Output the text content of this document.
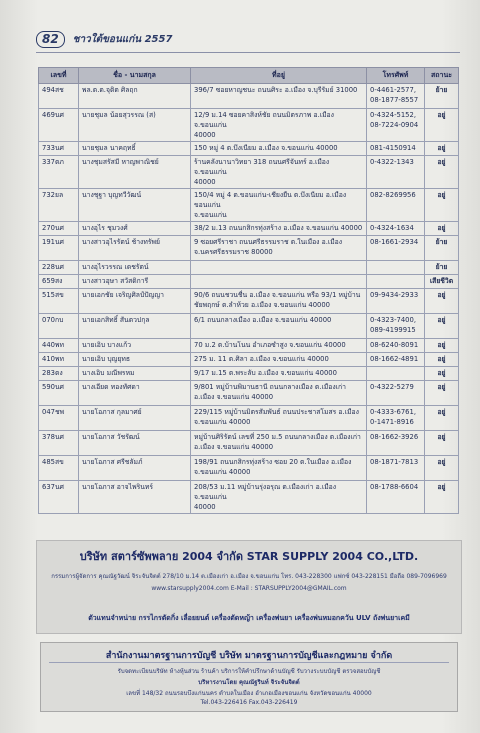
82	ชาวใต้ขอนแก่น 2557
เลขที่	ชื่อ - นามสกุล	ที่อยู่	โทรศัพท์	สถานะ
494สช	พล.ต.ต.จุติต ศิลฤก	396/7 ซอยหาญชนะ ถนนศิระ อ.เมือง จ.บุรีรัมย์ 31000	0-4461-2577,
08-1877-8557	ย้าย
469นศ	นายชุมล น้อยสุวรรณ (ส)	12/9 ม.14 ซอยคาสิงห์ชัย ถนนมิตรภาพ อ.เมือง จ.ขอนแก่น
40000	0-4324-5152,
08-7224-0904	อยู่
733นศ	นายชุมล นาคฤทธิ์	150 หมู่ 4 ต.บึงเนียม อ.เมือง จ.ขอนแก่น 40000	081-4150914	อยู่
337ตภ	นางชุมสรัสมี หาญพาณิชย์	ร้านคลังนานาวิทยา 318 ถนนศรีจันทร์ อ.เมือง จ.ขอนแก่น
40000	0-4322-1343	อยู่
732ยล	นางชุฐา บุญทวีวัฒน์	150/4 หมู่ 4 ต.ขอนแก่น-เชียงยืน ต.บึงเนียม อ.เมืองขอนแก่น
จ.ขอนแก่น	082-8269956	อยู่
270นศ	นางอุไร ชุมวงศ์	38/2 ม.13 ถนนกสิกรทุ่งสร้าง อ.เมือง จ.ขอนแก่น 40000	0-4324-1634	อยู่
191นศ	นางสาวอุไรรัตน์ ช้างทรัพย์	9 ซอยศรีราชา ถนนศรีธรรมราช ต.ในเมือง อ.เมือง
จ.นครศรีธรรมราช 80000	08-1661-2934	ย้าย
228นศ	นางอุไรวรรณ เดชรัตน์			ย้าย
659สง	นางสาวอุษา สวัสดิการี			เสียชีวิต
515สข	นายเอกชัย เจริญศิลป์ปัญญา	90/6 ถนนชวนชื่น อ.เมือง จ.ขอนแก่น หรือ 93/1 หมู่บ้าน
ชัยพฤกษ์ ต.ลำห้วย อ.เมือง จ.ขอนแก่น 40000	09-9434-2933	อยู่
070กบ	นายเอกสิทธิ์ สันตวปกุล	6/1 ถนนกลางเมือง อ.เมือง จ.ขอนแก่น 40000	0-4323-7400,
089-4199915	อยู่
440พท	นายเอิบ บางแก้ว	70 ม.2 ต.บ้านโนน อำเภอซำสูง จ.ขอนแก่น 40000	08-6240-8091	อยู่
410พท	นายเอิบ บุญยุทธ	275 ม. 11 ต.ศิลา อ.เมือง จ.ขอนแก่น 40000	08-1662-4891	อยู่
283ตง	นางเอิบ มณีพรหม	9/17 ม.15 ต.พระลับ อ.เมือง จ.ขอนแก่น 40000		อยู่
590นศ	นางเอียด ทองทัศดา	9/801 หมู่บ้านพิมานธานี ถนนกลางเมือง ต.เมืองเก่า
อ.เมือง จ.ขอนแก่น 40000	0-4322-5279	อยู่
047ชพ	นายโอภาส กุลมาศย์	229/115 หมู่บ้านมิตรสัมพันธ์ ถนนประชาสโมสร อ.เมือง
จ.ขอนแก่น 40000	0-4333-6761,
0-1471-8916	อยู่
378นศ	นายโอภาส วัชรัฒน์	หมู่บ้านศิริรัตน์ เลขที่ 250 ม.5 ถนนกลางเมือง ต.เมืองเก่า
อ.เมือง จ.ขอนแก่น 40000	08-1662-3926	อยู่
485สข	นายโอภาส ศรีชลัมภ์	198/91 ถนนกสิกรทุ่งสร้าง ซอย 20 ต.ในเมือง อ.เมือง
จ.ขอนแก่น 40000	08-1871-7813	อยู่
637นศ	นายโอภาส อาจไพรินทร์	208/53 ม.11 หมู่บ้านรุ่งอรุณ ต.เมืองเก่า อ.เมือง จ.ขอนแก่น
40000	08-1788-6604	อยู่
บริษัท สตาร์ซัพพลาย 2004 จำกัด STAR SUPPLY 2004 CO.,LTD.
กรรมการผู้จัดการ คุณณัฐวัฒน์ จิระจันจิตต์ 278/10 ม.14 ต.เมืองเก่า อ.เมือง จ.ขอนแก่น โทร. 043-228300 แฟกซ์ 043-228151 มือถือ 089-7096969
www.starsupply2004.com E-Mail : STARSUPPLY2004@GMAIL.com
ตัวแทนจำหน่าย กรรไกรตัดกิ่ง เลื่อยยนต์ เครื่องตัดหญ้า เครื่องพ่นยา เครื่องพ่นหมอกควัน ULV ถังพ่นยาเคมี
สำนักงานมาตรฐานการบัญชี บริษัท มาตรฐานการบัญชีและกฎหมาย จำกัด
รับจดทะเบียนบริษัท ห้างหุ้นส่วน ร้านค้า บริการให้คำปรึกษาด้านบัญชี รับวางระบบบัญชี ตรวจสอบบัญชี
บริหารงานโดย คุณณัฐรินท์ จิระจันจิตต์
เลขที่ 148/32 ถนนรอบบึงแก่นนคร ตำบลในเมือง อำเภอเมืองขอนแก่น จังหวัดขอนแก่น 40000
Tel.043-226416 Fax.043-226419
